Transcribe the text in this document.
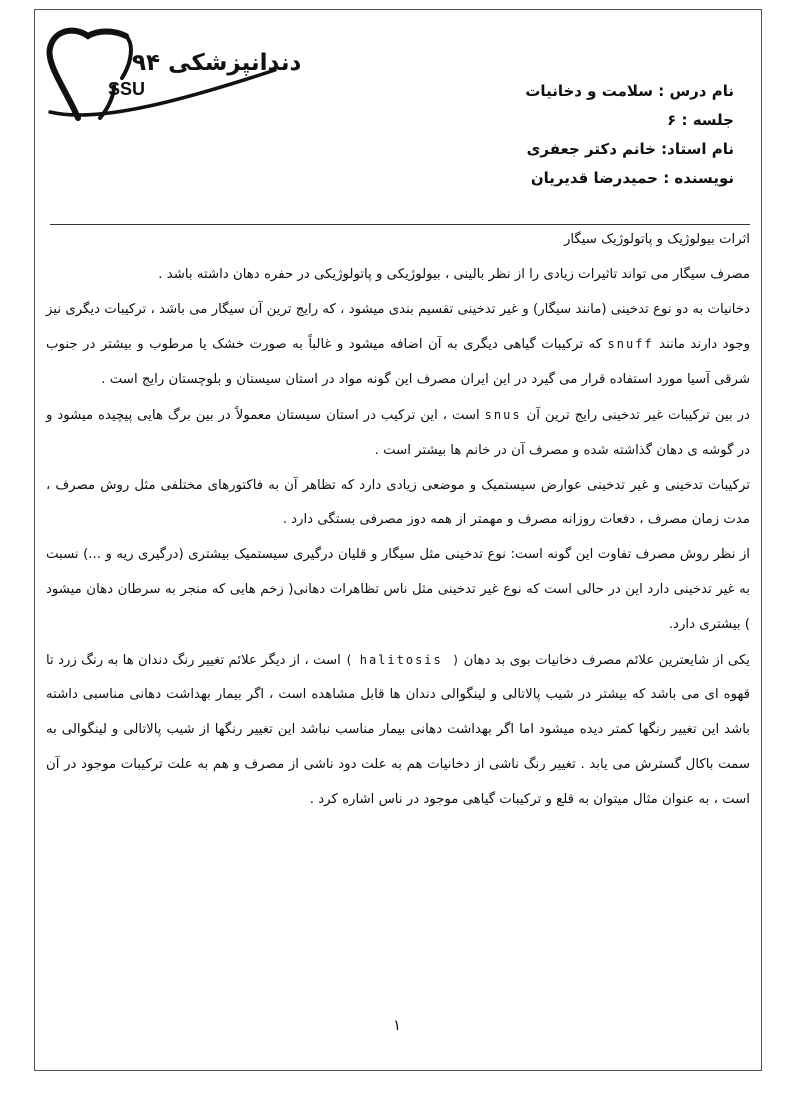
دندانپزشکی ۹۴
SSU	نام درس : سلامت و دخانیات
جلسه : ۶
نام استاد: خانم دکتر جعفری
نویسنده : حمیدرضا قدیریان

اثرات بیولوژیک و پاتولوژیک سیگار

مصرف سیگار می تواند تاثیرات زیادی را از نظر بالینی ، بیولوژیکی و پاتولوژیکی در حفره دهان داشته باشد .

دخانیات به دو نوع تدخینی (مانند سیگار) و غیر تدخینی تقسیم بندی میشود ، که رایج ترین آن سیگار می باشد ، ترکیبات دیگری نیز وجود دارند مانند snuff که ترکیبات گیاهی دیگری به آن اضافه میشود و غالباً به صورت خشک یا مرطوب و بیشتر در جنوب شرقی آسیا مورد استفاده قرار می گیرد در این ایران مصرف این گونه مواد در استان سیستان و بلوچستان رایج است .

در بین ترکیبات غیر تدخینی رایج ترین آن snus است ، این ترکیب در استان سیستان معمولاً در بین برگ هایی پیچیده میشود و در گوشه ی دهان گذاشته شده و مصرف آن در خانم ها بیشتر است .

ترکیبات تدخینی و غیر تدخینی عوارض سیستمیک و موضعی زیادی دارد که تظاهر آن به فاکتورهای مختلفی مثل روش مصرف ، مدت زمان مصرف ، دفعات روزانه مصرف و مهمتر از همه دوز مصرفی بستگی دارد .

از نظر روش مصرف تفاوت این گونه است: نوع تدخینی مثل سیگار و قلیان درگیری سیستمیک بیشتری (درگیری ریه و ...) نسبت به غیر تدخینی دارد این در حالی است که نوع غیر تدخینی مثل ناس تظاهرات دهانی( زخم هایی که منجر به سرطان دهان میشود ) بیشتری دارد.

یکی از شایعترین علائم مصرف دخانیات بوی بد دهان ( halitosis ) است ، از دیگر علائم تغییر رنگ دندان ها به رنگ زرد تا قهوه ای می باشد که بیشتر در شیب پالاتالی و لینگوالی دندان ها قابل مشاهده است ، اگر بیمار بهداشت دهانی مناسبی داشته باشد این تغییر رنگها کمتر دیده میشود اما اگر بهداشت دهانی بیمار مناسب نباشد این تغییر رنگها از شیب پالاتالی و لینگوالی به سمت باکال گسترش می یابد . تغییر رنگ ناشی از دخانیات هم به علت دود ناشی از مصرف و هم به علت ترکیبات موجود در آن است ، به عنوان مثال میتوان به قلع و ترکیبات گیاهی موجود در ناس اشاره کرد .

۱
